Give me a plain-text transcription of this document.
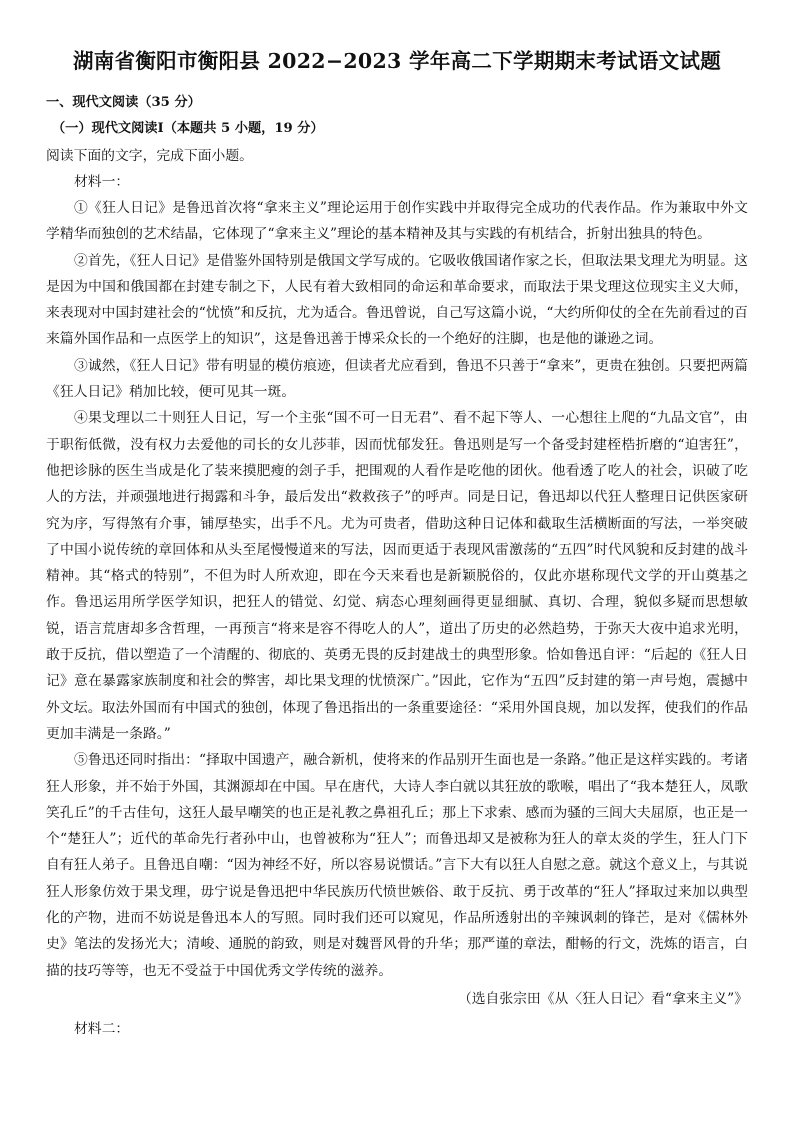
湖南省衡阳市衡阳县 2022−2023 学年高二下学期期末考试语文试题
一、现代文阅读（35 分）
（一）现代文阅读Ⅰ（本题共 5 小题，19 分）
阅读下面的文字，完成下面小题。
材料一：

①《狂人日记》是鲁迅首次将“拿来主义”理论运用于创作实践中并取得完全成功的代表作品。作为兼取中外文学精华而独创的艺术结晶，它体现了“拿来主义”理论的基本精神及其与实践的有机结合，折射出独具的特色。

②首先，《狂人日记》是借鉴外国特别是俄国文学写成的。它吸收俄国诸作家之长，但取法果戈理尤为明显。这是因为中国和俄国都在封建专制之下，人民有着大致相同的命运和革命要求，而取法于果戈理这位现实主义大师，来表现对中国封建社会的“忧愤”和反抗，尤为适合。鲁迅曾说，自己写这篇小说，“大约所仰仗的全在先前看过的百来篇外国作品和一点医学上的知识”，这是鲁迅善于博采众长的一个绝好的注脚，也是他的谦逊之词。

③诚然，《狂人日记》带有明显的模仿痕迹，但读者尤应看到，鲁迅不只善于“拿来”，更贵在独创。只要把两篇《狂人日记》稍加比较，便可见其一斑。

④果戈理以二十则狂人日记，写一个主张“国不可一日无君”、看不起下等人、一心想往上爬的“九品文官”，由于职衔低微，没有权力去爱他的司长的女儿莎菲，因而忧郁发狂。鲁迅则是写一个备受封建桎梏折磨的“迫害狂”，他把诊脉的医生当成是化了装来摸肥瘦的刽子手，把围观的人看作是吃他的团伙。他看透了吃人的社会，识破了吃人的方法，并顽强地进行揭露和斗争，最后发出“救救孩子”的呼声。同是日记，鲁迅却以代狂人整理日记供医家研究为序，写得煞有介事，铺厚垫实，出手不凡。尤为可贵者，借助这种日记体和截取生活横断面的写法，一举突破了中国小说传统的章回体和从头至尾慢慢道来的写法，因而更适于表现风雷激荡的“五四”时代风貌和反封建的战斗精神。其“格式的特别”，不但为时人所欢迎，即在今天来看也是新颖脱俗的，仅此亦堪称现代文学的开山奠基之作。鲁迅运用所学医学知识，把狂人的错觉、幻觉、病态心理刻画得更显细腻、真切、合理，貌似多疑而思想敏锐，语言荒唐却多含哲理，一再预言“将来是容不得吃人的人”，道出了历史的必然趋势，于弥天大夜中追求光明，敢于反抗，借以塑造了一个清醒的、彻底的、英勇无畏的反封建战士的典型形象。恰如鲁迅自评：“后起的《狂人日记》意在暴露家族制度和社会的弊害，却比果戈理的忧愤深广。”因此，它作为“五四”反封建的第一声号炮，震撼中外文坛。取法外国而有中国式的独创，体现了鲁迅指出的一条重要途径：“采用外国良规，加以发挥，使我们的作品更加丰满是一条路。”

⑤鲁迅还同时指出：“择取中国遗产，融合新机，使将来的作品别开生面也是一条路。”他正是这样实践的。考诸狂人形象，并不始于外国，其渊源却在中国。早在唐代，大诗人李白就以其狂放的歌喉，唱出了“我本楚狂人，凤歌笑孔丘”的千古佳句，这狂人最早嘲笑的也正是礼教之鼻祖孔丘；那上下求索、感而为骚的三闾大夫屈原，也正是一个“楚狂人”；近代的革命先行者孙中山，也曾被称为“狂人”；而鲁迅却又是被称为狂人的章太炎的学生，狂人门下自有狂人弟子。且鲁迅自嘲：“因为神经不好，所以容易说惯话。”言下大有以狂人自慰之意。就这个意义上，与其说狂人形象仿效于果戈理，毋宁说是鲁迅把中华民族历代愤世嫉俗、敢于反抗、勇于改革的“狂人”择取过来加以典型化的产物，进而不妨说是鲁迅本人的写照。同时我们还可以窥见，作品所透射出的辛辣讽刺的锋芒，是对《儒林外史》笔法的发扬光大；清峻、通脱的韵致，则是对魏晋风骨的升华；那严谨的章法，酣畅的行文，洗炼的语言，白描的技巧等等，也无不受益于中国优秀文学传统的滋养。

（选自张宗田《从〈狂人日记〉看“拿来主义”》
材料二：
